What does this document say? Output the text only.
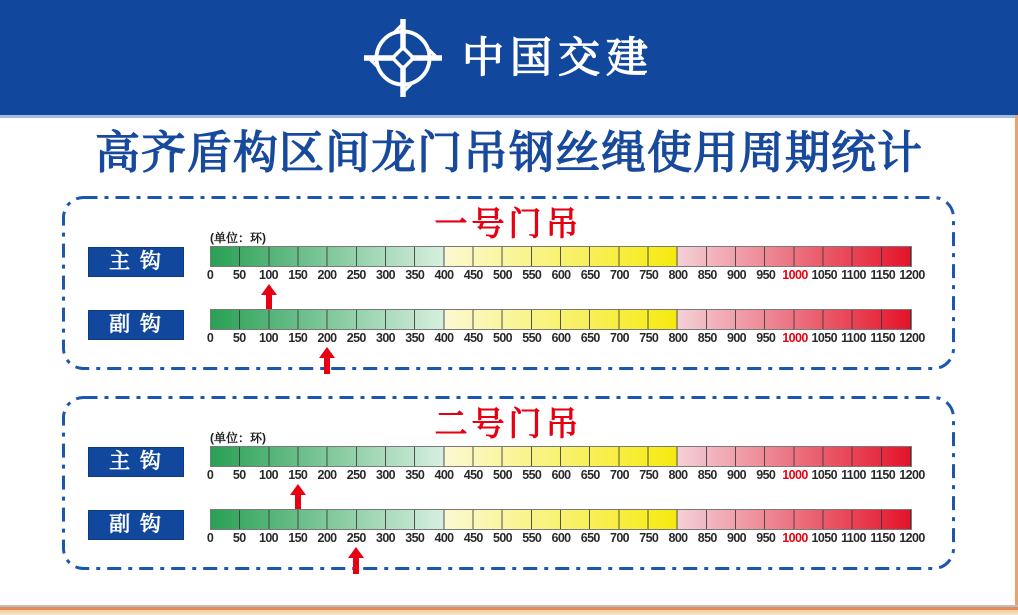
中国交建
高齐盾构区间龙门吊钢丝绳使用周期统计
一号门吊
(单位：环)
主 钩
0 50 100 150 200 250 300 350 400 450 500 550 600 650 700 750 800 850 900 950 1000 1050 1100 1150 1200
副 钩
0 50 100 150 200 250 300 350 400 450 500 550 600 650 700 750 800 850 900 950 1000 1050 1100 1150 1200
二号门吊
(单位：环)
主 钩
0 50 100 150 200 250 300 350 400 450 500 550 600 650 700 750 800 850 900 950 1000 1050 1100 1150 1200
副 钩
0 50 100 150 200 250 300 350 400 450 500 550 600 650 700 750 800 850 900 950 1000 1050 1100 1150 1200
